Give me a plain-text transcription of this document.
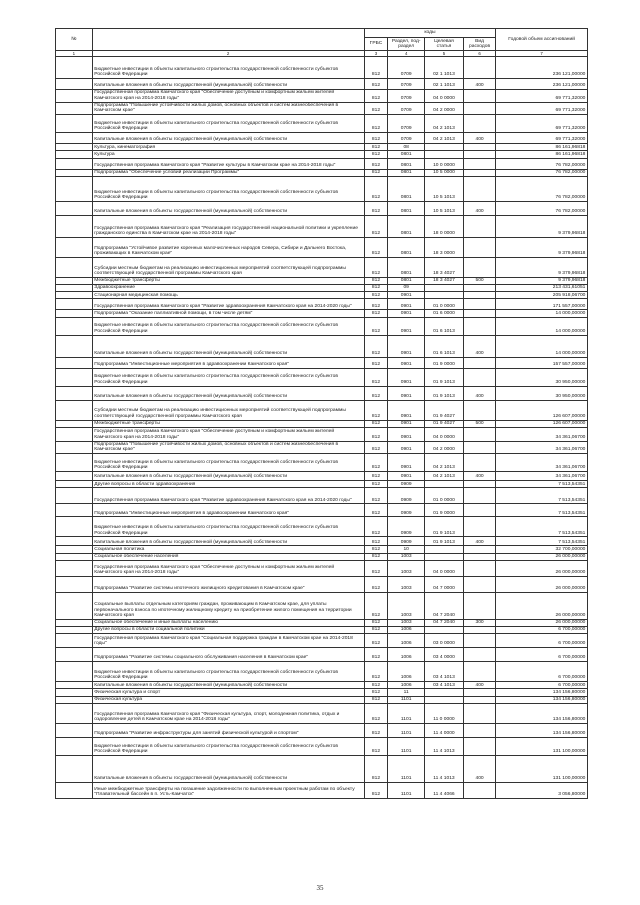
№		коды				Годовой объем ассигнований
		ГРБС	Раздел, под-раздел	Целевая статья	Вид расходов	
1	2	3	4	5	6	7
	Бюджетные инвестиции в объекты капитального строительства государственной собственности субъектов Российской Федерации	812	0709	02 1 1013		236 121,00000
	Капитальные вложения в объекты государственной (муниципальной) собственности	812	0709	02 1 1013	400	236 121,00000
	Государственная программа Камчатского края "Обеспечение доступным и комфортным жильем жителей Камчатского края на 2014-2018 годы"	812	0709	04 0 0000		69 771,32000
	Подпрограмма "Повышение устойчивости жилых домов, основных объектов и систем жизнеобеспечения в Камчатском крае"	812	0709	04 2 0000		69 771,32000
	Бюджетные инвестиции в объекты капитального строительства государственной собственности субъектов Российской Федерации	812	0709	04 2 1013		69 771,32000
	Капитальные вложения в объекты государственной (муниципальной) собственности	812	0709	04 2 1013	400	69 771,32000
	Культура, кинематография	812	08			86 161,96818
	Культура	812	0801			86 161,96818
	Государственная программа Камчатского края "Развитие культуры в Камчатском крае на 2014-2018 годы"	812	0801	10 0 0000		76 782,00000
	Подпрограмма "Обеспечение условий реализации Программы"	812	0801	10 5 0000		76 782,00000
	Бюджетные инвестиции в объекты капитального строительства государственной собственности субъектов Российской Федерации	812	0801	10 5 1013		76 782,00000
	Капитальные вложения в объекты государственной (муниципальной) собственности	812	0801	10 5 1013	400	76 782,00000
	Государственная программа Камчатского края "Реализация государственной национальной политики и укрепление гражданского единства в Камчатском крае на 2014-2018 годы"	812	0801	18 0 0000		9 379,96818
	Подпрограмма "Устойчивое развитие коренных малочисленных народов Севера, Сибири и Дальнего Востока, проживающих в Камчатском крае"	812	0801	18 3 0000		9 379,96818
	Субсидии местным бюджетам на реализацию инвестиционных мероприятий соответствующей подпрограммы соответствующей государственной программы Камчатского края	812	0801	18 3 4027		9 379,96818
	Межбюджетные трансферты	812	0801	18 3 4027	500	9 379,96818
	Здравоохранение	812	09			213 431,61051
	Стационарная медицинская помощь	812	0901			205 918,06700
	Государственная программа Камчатского края "Развитие здравоохранения Камчатского края на 2014-2020 годы"	812	0901	01 0 0000		171 557,00000
	Подпрограмма "Оказание паллиативной помощи, в том числе детям"	812	0901	01 6 0000		14 000,00000
	Бюджетные инвестиции в объекты капитального строительства государственной собственности субъектов Российской Федерации	812	0901	01 6 1013		14 000,00000
	Капитальные вложения в объекты государственной (муниципальной) собственности	812	0901	01 6 1013	400	14 000,00000
	Подпрограмма "Инвестиционные мероприятия в здравоохранении Камчатского края"	812	0901	01 9 0000		157 557,00000
	Бюджетные инвестиции в объекты капитального строительства государственной собственности субъектов Российской Федерации	812	0901	01 9 1013		30 950,00000
	Капитальные вложения в объекты государственной (муниципальной) собственности	812	0901	01 9 1013	400	30 950,00000
	Субсидии местным бюджетам на реализацию инвестиционных мероприятий соответствующей подпрограммы соответствующей государственной программы Камчатского края	812	0901	01 9 4027		126 607,00000
	Межбюджетные трансферты	812	0901	01 9 4027	500	126 607,00000
	Государственная программа Камчатского края "Обеспечение доступным и комфортным жильем жителей Камчатского края на 2014-2018 годы"	812	0901	04 0 0000		34 361,06700
	Подпрограмма "Повышение устойчивости жилых домов, основных объектов и систем жизнеобеспечения в Камчатском крае"	812	0901	04 2 0000		34 361,06700
	Бюджетные инвестиции в объекты капитального строительства государственной собственности субъектов Российской Федерации	812	0901	04 2 1013		34 361,06700
	Капитальные вложения в объекты государственной (муниципальной) собственности	812	0901	04 2 1013	400	34 361,06700
	Другие вопросы в области здравоохранения	812	0909			7 513,54351
	Государственная программа Камчатского края "Развитие здравоохранения Камчатского края на 2014-2020 годы"	812	0909	01 0 0000		7 513,54351
	Подпрограмма "Инвестиционные мероприятия в здравоохранении Камчатского края"	812	0909	01 9 0000		7 513,54351
	Бюджетные инвестиции в объекты капитального строительства государственной собственности субъектов Российской Федерации	812	0909	01 9 1013		7 513,54351
	Капитальные вложения в объекты государственной (муниципальной) собственности	812	0909	01 9 1013	400	7 513,54351
	Социальная политика	812	10			32 700,00000
	Социальное обеспечение населения	812	1003			26 000,00000
	Государственная программа Камчатского края "Обеспечение доступным и комфортным жильем жителей Камчатского края на 2014-2018 годы"	812	1003	04 0 0000		26 000,00000
	Подпрограмма "Развитие системы ипотечного жилищного кредитования в Камчатском крае"	812	1003	04 7 0000		26 000,00000
	Социальные выплаты отдельным категориям граждан, проживающим в Камчатском крае, для уплаты первоначального взноса по ипотечному жилищному кредиту на приобретение жилого помещения на территории Камчатского края	812	1003	04 7 2040		26 000,00000
	Социальное обеспечение и иные выплаты населению	812	1003	04 7 2040	300	26 000,00000
	Другие вопросы в области социальной политики	812	1006			6 700,00000
	Государственная программа Камчатского края "Социальная поддержка граждан в Камчатском крае на 2014-2018 годы"	812	1006	03 0 0000		6 700,00000
	Подпрограмма "Развитие системы социального обслуживания населения в Камчатском крае"	812	1006	03 4 0000		6 700,00000
	Бюджетные инвестиции в объекты капитального строительства государственной собственности субъектов Российской Федерации	812	1006	03 4 1013		6 700,00000
	Капитальные вложения в объекты государственной (муниципальной) собственности	812	1006	03 4 1013	400	6 700,00000
	Физическая культура и спорт	812	11			134 156,80000
	Физическая культура	812	1101			134 156,80000
	Государственная программа Камчатского края "Физическая культура, спорт, молодежная политика, отдых и оздоровление детей в Камчатском крае на 2014-2018 годы"	812	1101	11 0 0000		134 156,80000
	Подпрограмма "Развитие инфраструктуры для занятий физической культурой и спортом"	812	1101	11 4 0000		134 156,80000
	Бюджетные инвестиции в объекты капитального строительства государственной собственности субъектов Российской Федерации	812	1101	11 4 1013		131 100,00000
	Капитальные вложения в объекты государственной (муниципальной) собственности	812	1101	11 4 1013	400	131 100,00000
	Иные межбюджетные трансферты на погашение задолженности по выполненным проектным работам по объекту "Плавательный бассейн в п. Усть-Камчатск"	812	1101	11 4 4066		3 056,80000
35
